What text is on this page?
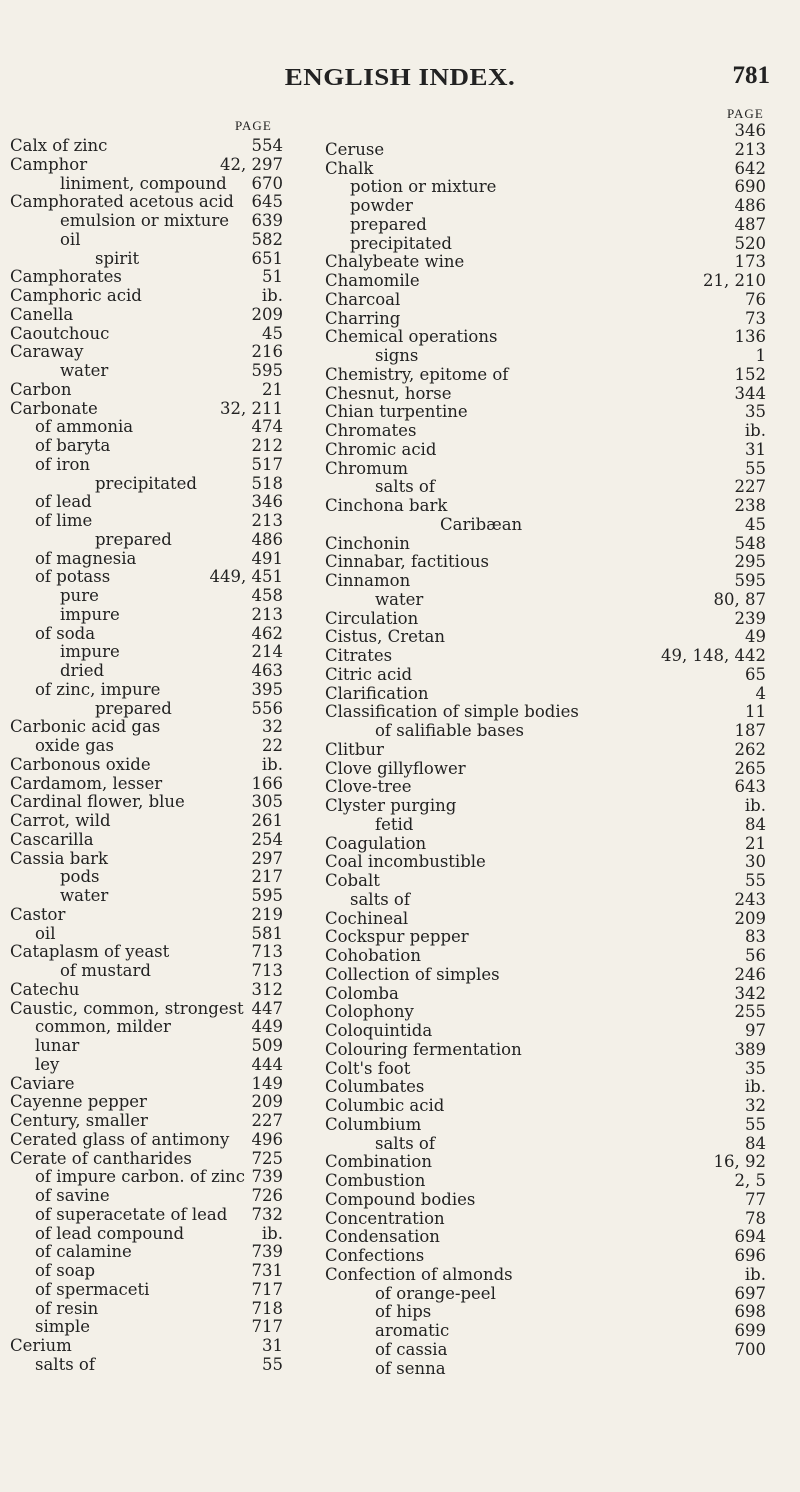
ENGLISH INDEX.	781
PAGE
PAGE
Calx of zinc	554
Camphor	42, 297
liniment, compound 670
Camphorated acetous acid 645
emulsion or mixture 639
oil	582
spirit	651
Camphorates	51
Camphoric acid	ib.
Canella	209
Caoutchouc	45
Caraway	216
water	595
Carbon	21
Carbonate	32, 211
of ammonia	474
of baryta	212
of iron	517
precipitated	518
of lead	346
of lime	213
prepared	486
of magnesia	491
of potass	449, 451
pure	458
impure	213
of soda	462
impure	214
dried	463
of zinc, impure	395
prepared	556
Carbonic acid gas	32
oxide gas	22
Carbonous oxide	ib.
Cardamom, lesser	166
Cardinal flower, blue	305
Carrot, wild	261
Cascarilla	254
Cassia bark	297
pods	217
water	595
Castor	219
oil	581
Cataplasm of yeast	713
of mustard	713
Catechu	312
Caustic, common, strongest 447
common, milder	449
lunar	509
ley	444
Caviare	149
Cayenne pepper	209
Century, smaller	227
Cerated glass of antimony 496
Cerate of cantharides	725
of impure carbon. of zinc 739
of savine	726
of superacetate of lead 732
of lead compound	ib.
of calamine	739
of soap	731
of spermaceti	717
of resin	718
simple	717
Cerium	31
salts of	55
346
Ceruse	213
Chalk	642
potion or mixture	690
powder	486
prepared	487
precipitated	520
Chalybeate wine	173
Chamomile	21, 210
Charcoal	76
Charring	73
Chemical operations	136
signs	1
Chemistry, epitome of	152
Chesnut, horse	344
Chian turpentine	35
Chromates	ib.
Chromic acid	31
Chromum	55
salts of	227
Cinchona bark	238
Caribæan	45
Cinchonin	548
Cinnabar, factitious	295
Cinnamon	595
water	80, 87
Circulation	239
Cistus, Cretan	49
Citrates	49, 148, 442
Citric acid	65
Clarification	4
Classification of simple bodies	11
of salifiable bases	187
Clitbur	262
Clove gillyflower	265
Clove-tree	643
Clyster purging	ib.
fetid	84
Coagulation	21
Coal incombustible	30
Cobalt	55
salts of	243
Cochineal	209
Cockspur pepper	83
Cohobation	56
Collection of simples	246
Colomba	342
Colophony	255
Coloquintida	97
Colouring fermentation	389
Colt's foot	35
Columbates	ib.
Columbic acid	32
Columbium	55
salts of	84
Combination	16, 92
Combustion	2, 5
Compound bodies	77
Concentration	78
Condensation	694
Confections	696
Confection of almonds	ib.
of orange-peel	697
of hips	698
aromatic	699
of cassia	700
of senna
